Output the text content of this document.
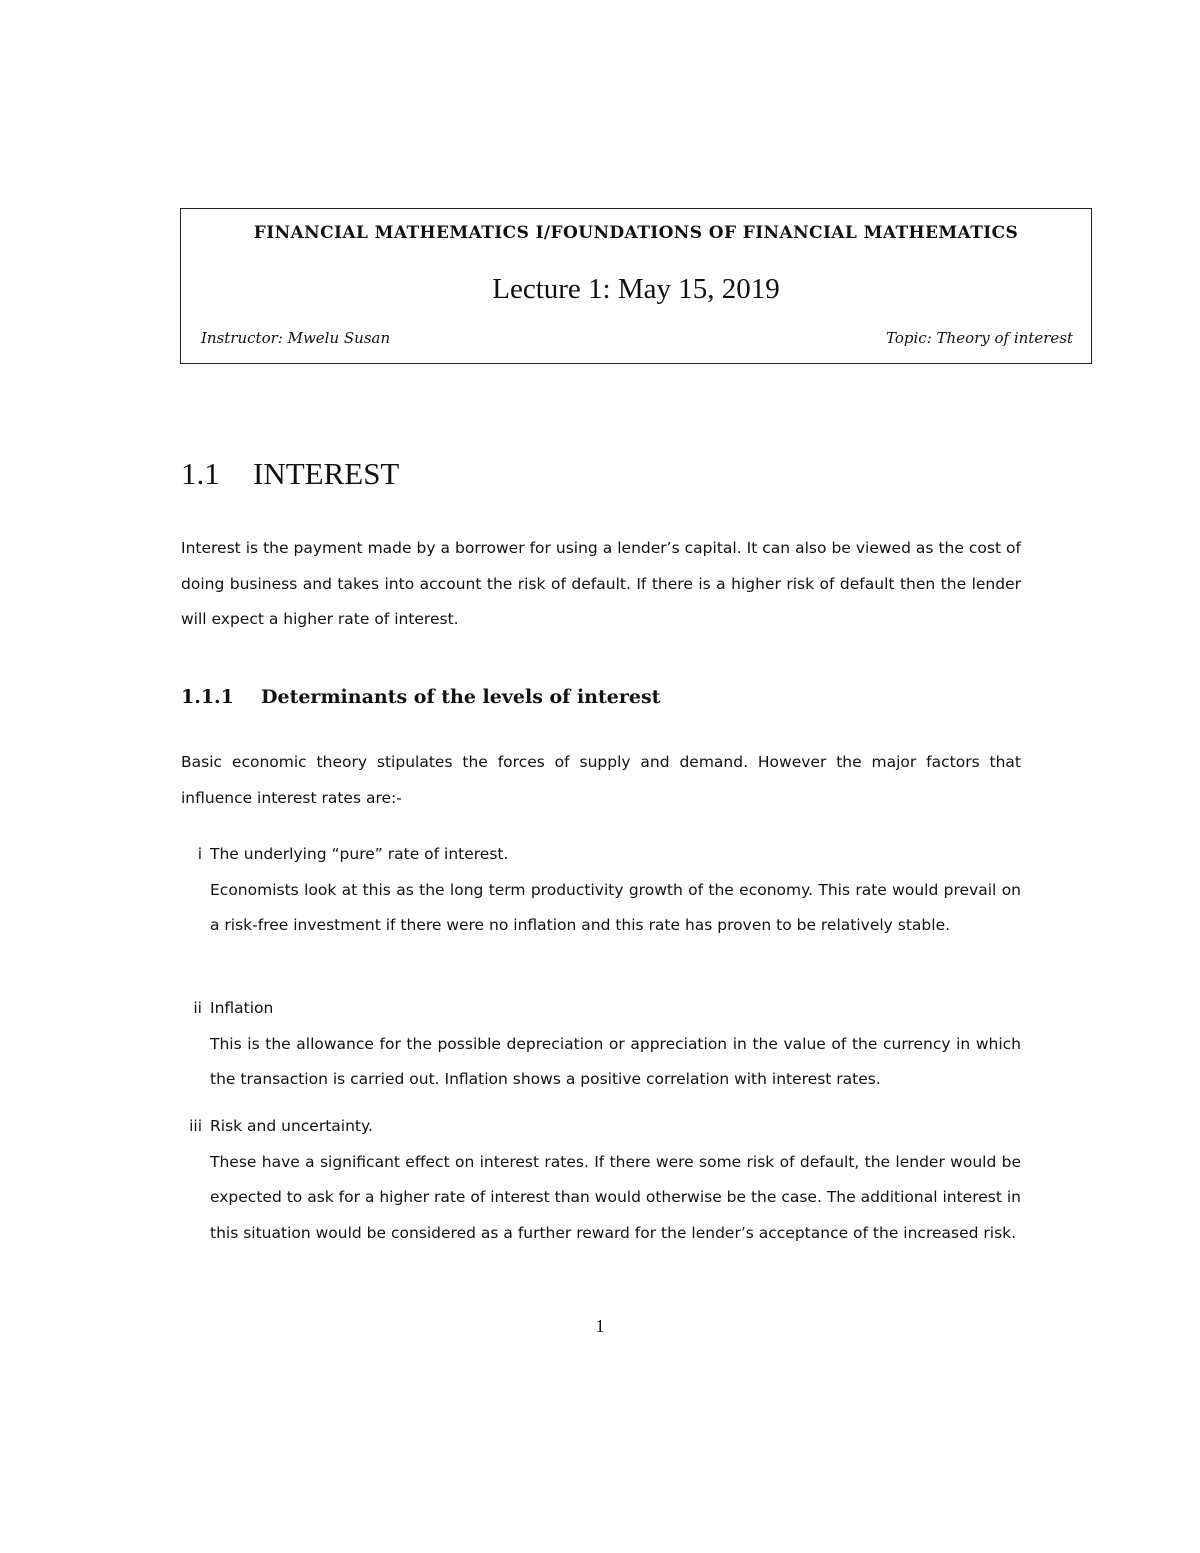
FINANCIAL MATHEMATICS I/FOUNDATIONS OF FINANCIAL MATHEMATICS
Lecture 1: May 15, 2019
Instructor: Mwelu Susan	Topic: Theory of interest
1.1 INTEREST

Interest is the payment made by a borrower for using a lender’s capital. It can also be viewed as the cost of doing business and takes into account the risk of default. If there is a higher risk of default then the lender will expect a higher rate of interest.

1.1.1 Determinants of the levels of interest

Basic economic theory stipulates the forces of supply and demand. However the major factors that influence interest rates are:-

i The underlying “pure” rate of interest.
Economists look at this as the long term productivity growth of the economy. This rate would prevail on a risk-free investment if there were no inflation and this rate has proven to be relatively stable.
ii Inflation
This is the allowance for the possible depreciation or appreciation in the value of the currency in which the transaction is carried out. Inflation shows a positive correlation with interest rates.
iii Risk and uncertainty.
These have a significant effect on interest rates. If there were some risk of default, the lender would be expected to ask for a higher rate of interest than would otherwise be the case. The additional interest in this situation would be considered as a further reward for the lender’s acceptance of the increased risk.
1
